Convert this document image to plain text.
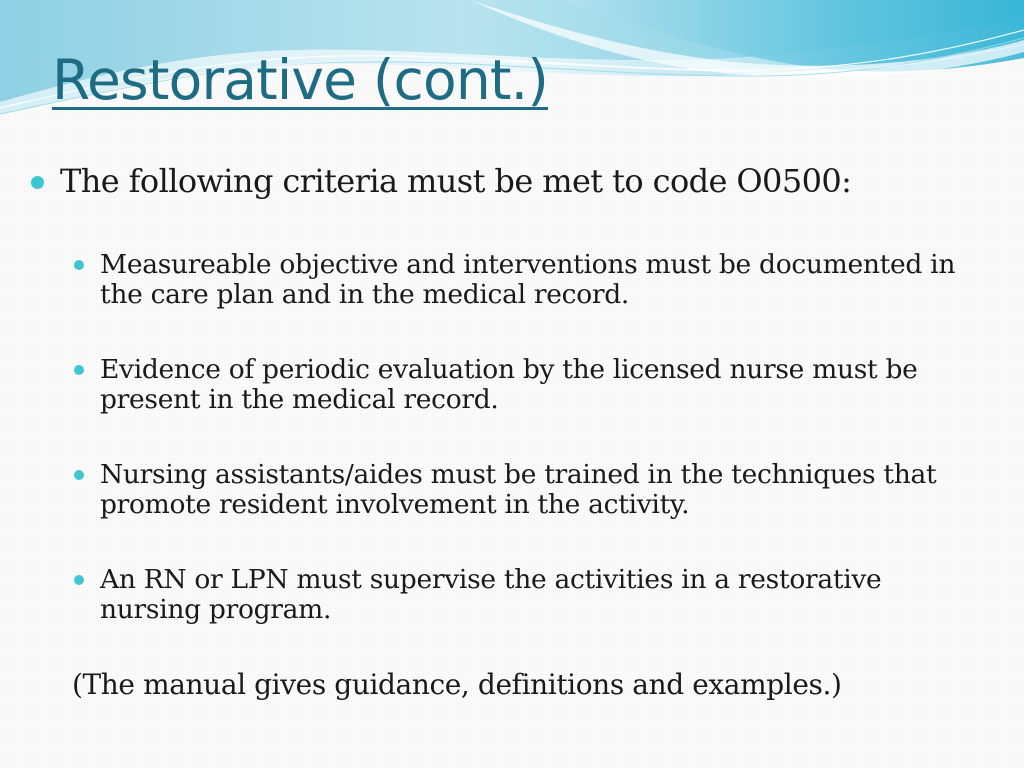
Restorative (cont.)
The following criteria must be met to code O0500:
Measureable objective and interventions must be documented in the care plan and in the medical record.
Evidence of periodic evaluation by the licensed nurse must be present in the medical record.
Nursing assistants/aides must be trained in the techniques that promote resident involvement in the activity.
An RN or LPN must supervise the activities in a restorative nursing program.
(The manual gives guidance, definitions and examples.)
